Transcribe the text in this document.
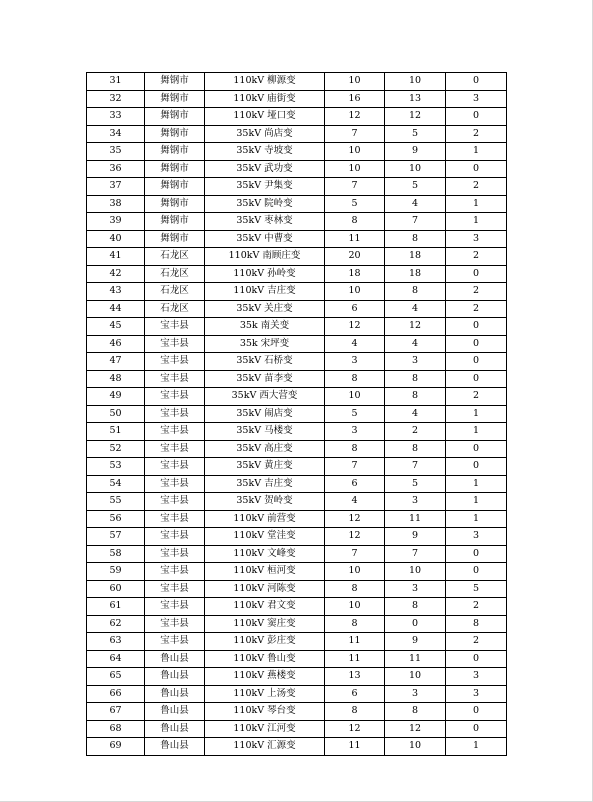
31	舞钢市	110kV 柳源变	10	10	0
32	舞钢市	110kV 庙街变	16	13	3
33	舞钢市	110kV 垭口变	12	12	0
34	舞钢市	35kV 尚店变	7	5	2
35	舞钢市	35kV 寺坡变	10	9	1
36	舞钢市	35kV 武功变	10	10	0
37	舞钢市	35kV 尹集变	7	5	2
38	舞钢市	35kV 院岭变	5	4	1
39	舞钢市	35kV 枣林变	8	7	1
40	舞钢市	35kV 中曹变	11	8	3
41	石龙区	110kV 南顾庄变	20	18	2
42	石龙区	110kV 孙岭变	18	18	0
43	石龙区	110kV 吉庄变	10	8	2
44	石龙区	35kV 关庄变	6	4	2
45	宝丰县	35k 南关变	12	12	0
46	宝丰县	35k 宋坪变	4	4	0
47	宝丰县	35kV 石桥变	3	3	0
48	宝丰县	35kV 苗李变	8	8	0
49	宝丰县	35kV 西大营变	10	8	2
50	宝丰县	35kV 闹店变	5	4	1
51	宝丰县	35kV 马楼变	3	2	1
52	宝丰县	35kV 高庄变	8	8	0
53	宝丰县	35kV 黄庄变	7	7	0
54	宝丰县	35kV 吉庄变	6	5	1
55	宝丰县	35kV 贺岭变	4	3	1
56	宝丰县	110kV 前营变	12	11	1
57	宝丰县	110kV 堂洼变	12	9	3
58	宝丰县	110kV 文峰变	7	7	0
59	宝丰县	110kV 桓河变	10	10	0
60	宝丰县	110kV 河陈变	8	3	5
61	宝丰县	110kV 君文变	10	8	2
62	宝丰县	110kV 窦庄变	8	0	8
63	宝丰县	110kV 彭庄变	11	9	2
64	鲁山县	110kV 鲁山变	11	11	0
65	鲁山县	110kV 燕楼变	13	10	3
66	鲁山县	110kV 上汤变	6	3	3
67	鲁山县	110kV 琴台变	8	8	0
68	鲁山县	110kV 江河变	12	12	0
69	鲁山县	110kV 汇源变	11	10	1
